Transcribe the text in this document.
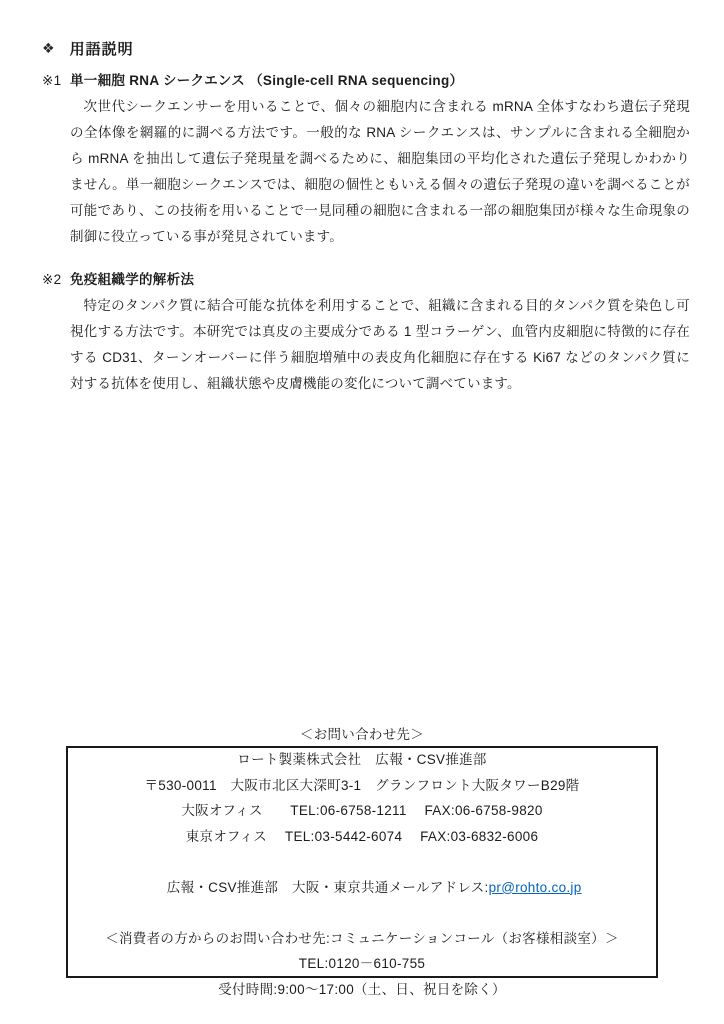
❖ 用語説明
※1 単一細胞 RNA シークエンス （Single-cell RNA sequencing）
次世代シークエンサーを用いることで、個々の細胞内に含まれる mRNA 全体すなわち遺伝子発現の全体像を網羅的に調べる方法です。一般的な RNA シークエンスは、サンプルに含まれる全細胞から mRNA を抽出して遺伝子発現量を調べるために、細胞集団の平均化された遺伝子発現しかわかりません。単一細胞シークエンスでは、細胞の個性ともいえる個々の遺伝子発現の違いを調べることが可能であり、この技術を用いることで一見同種の細胞に含まれる一部の細胞集団が様々な生命現象の制御に役立っている事が発見されています。
※2 免疫組織学的解析法
特定のタンパク質に結合可能な抗体を利用することで、組織に含まれる目的タンパク質を染色し可視化する方法です。本研究では真皮の主要成分である 1 型コラーゲン、血管内皮細胞に特徴的に存在する CD31、ターンオーバーに伴う細胞増殖中の表皮角化細胞に存在する Ki67 などのタンパク質に対する抗体を使用し、組織状態や皮膚機能の変化について調べています。
＜お問い合わせ先＞
ロート製薬株式会社　広報・CSV推進部
〒530-0011　大阪市北区大深町3-1　グランフロント大阪タワーB29階
大阪オフィス　　TEL:06-6758-1211　 FAX:06-6758-9820
東京オフィス　 TEL:03-5442-6074　 FAX:03-6832-6006

広報・CSV推進部　大阪・東京共通メールアドレス:pr@rohto.co.jp

＜消費者の方からのお問い合わせ先:コミュニケーションコール（お客様相談室）＞
TEL:0120－610-755
受付時間:9:00～17:00（土、日、祝日を除く）
